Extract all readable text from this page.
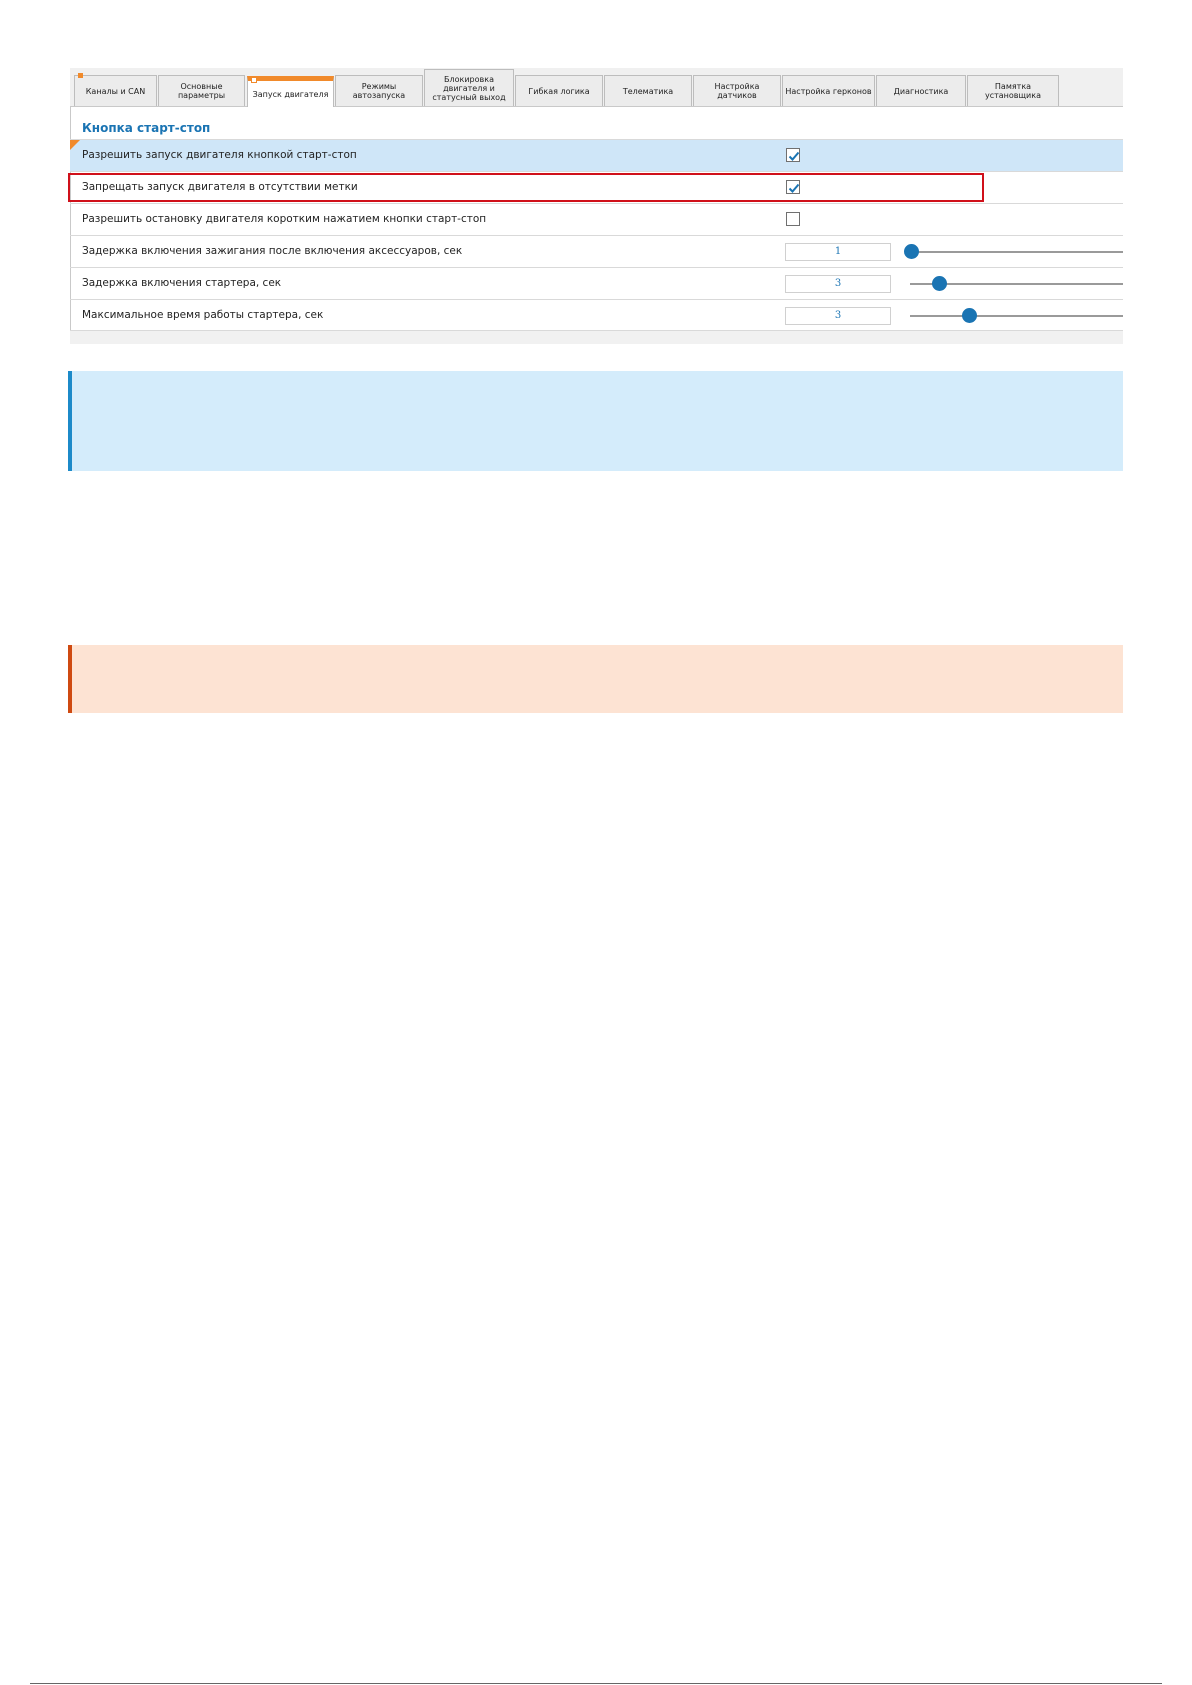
Каналы и CAN	Основные параметры	Запуск двигателя
Режимы автозапуска
Блокировка
двигателя и
статусный выход
Гибкая логика	Телематика	Настройка датчиков	Настройка герконов	Диагностика	Памятка установщика
Кнопка старт-стоп
Разрешить запуск двигателя кнопкой старт-стоп
Запрещать запуск двигателя в отсутствии метки
Разрешить остановку двигателя коротким нажатием кнопки старт-стоп
Задержка включения зажигания после включения аксессуаров, сек	1
Задержка включения стартера, сек	3
Максимальное время работы стартера, сек	3
